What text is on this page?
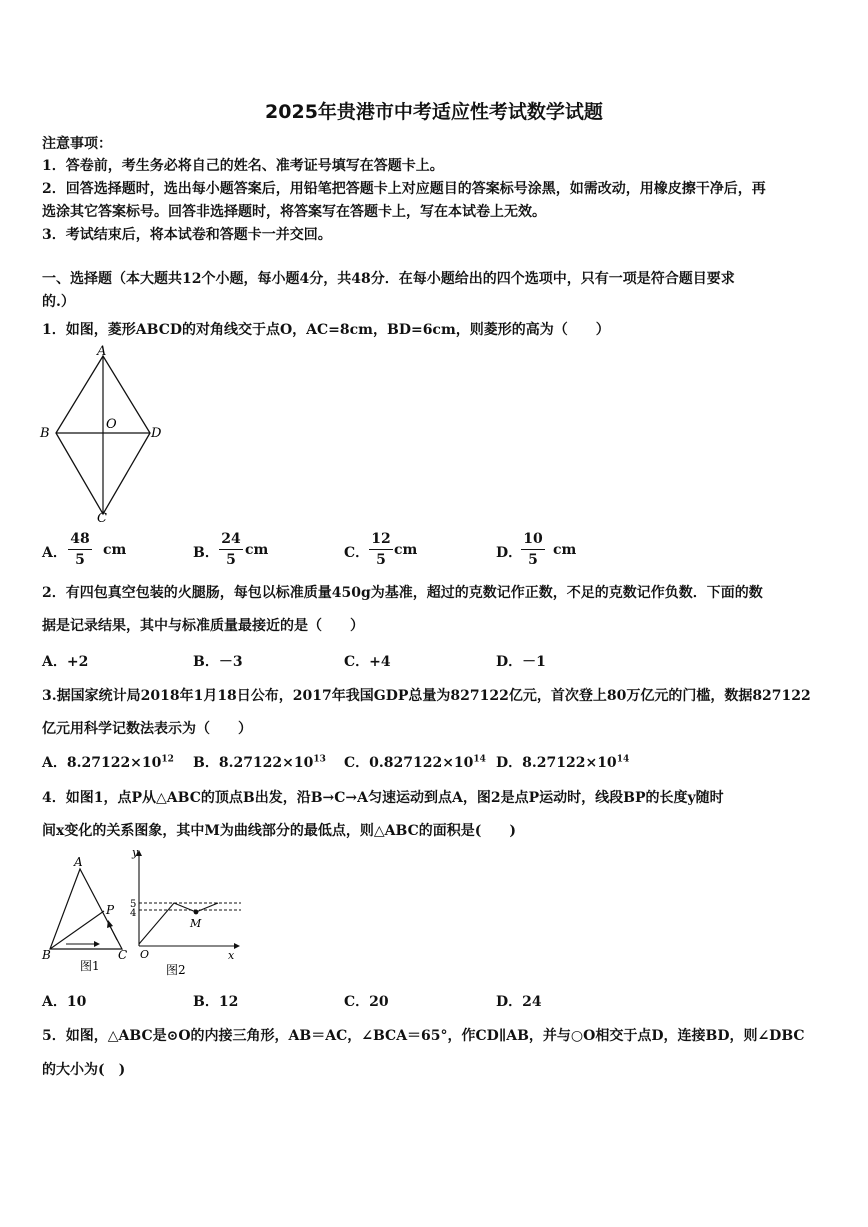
2025年贵港市中考适应性考试数学试题
注意事项：
1．答卷前，考生务必将自己的姓名、准考证号填写在答题卡上。
2．回答选择题时，选出每小题答案后，用铅笔把答题卡上对应题目的答案标号涂黑，如需改动，用橡皮擦干净后，再
选涂其它答案标号。回答非选择题时，将答案写在答题卡上，写在本试卷上无效。
3．考试结束后，将本试卷和答题卡一并交回。
一、选择题（本大题共12个小题，每小题4分，共48分．在每小题给出的四个选项中，只有一项是符合题目要求
的.）
1．如图，菱形ABCD的对角线交于点O，AC=8cm，BD=6cm，则菱形的高为（　　）
A
B	D
C
O
A．
48
5
cm	B．
24
5
cm	C．
12
5
cm	D．
10
5
cm
2．有四包真空包装的火腿肠，每包以标准质量450g为基准，超过的克数记作正数，不足的克数记作负数．下面的数
据是记录结果，其中与标准质量最接近的是（　　）
A．+2	B．－3	C．+4	D．－1
3.据国家统计局2018年1月18日公布，2017年我国GDP总量为827122亿元，首次登上80万亿元的门槛，数据827122
亿元用科学记数法表示为（　　）
A．$8.27122\times 10^{12}$ B．$8.27122\times 10^{13}$ C．$0.827122\times 10^{14}$ D．$8.27122\times 10^{14}$
4．如图1，点P从△ABC的顶点B出发，沿B→C→A匀速运动到点A，图2是点P运动时，线段BP的长度y随时
间x变化的关系图象，其中M为曲线部分的最低点，则△ABC的面积是(　　)
A
B	C
P
图1
y
5
4
M
O	x
图2
A．10	B．12	C．20	D．24
5．如图，△ABC是⊙O的内接三角形，AB＝AC，∠BCA＝65°，作CD∥AB，并与○O相交于点D，连接BD，则∠DBC
的大小为(　)
